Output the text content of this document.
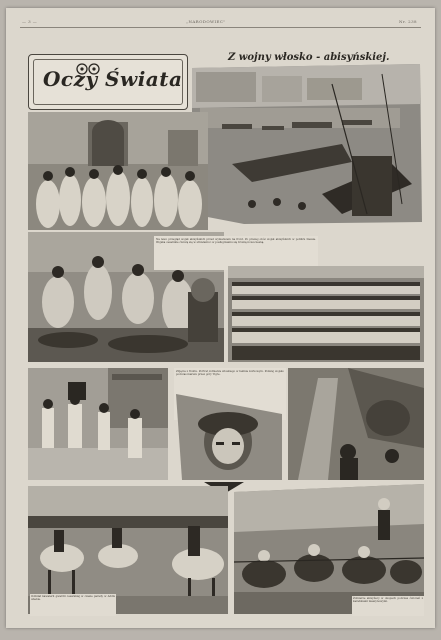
— 3 —	„NARODOWIEC"	Nr. 238
Oczy Świata
Z wojny włosko - abisyńskiej.
Na lewo przegląd wojsk abisyńskich przed wymarszem na front. Po prawej obóz wojsk abisyńskich w pobliżu Dessie. Wojska cesarskie ćwiczą się w strzelaniu i w posługiwaniu się bronią nowoczesną.
Zdjęcia z frontu. Portret żołnierza włoskiego w hełmie korkowym. Poniżej wojsko podczas marszu przez góry Tigre.
Oddział kawalerii gwardii cesarskiej w czasie parady w Addis Abebie.	Żołnierze abisyńscy w okopach podczas ćwiczeń z karabinami maszynowymi.
